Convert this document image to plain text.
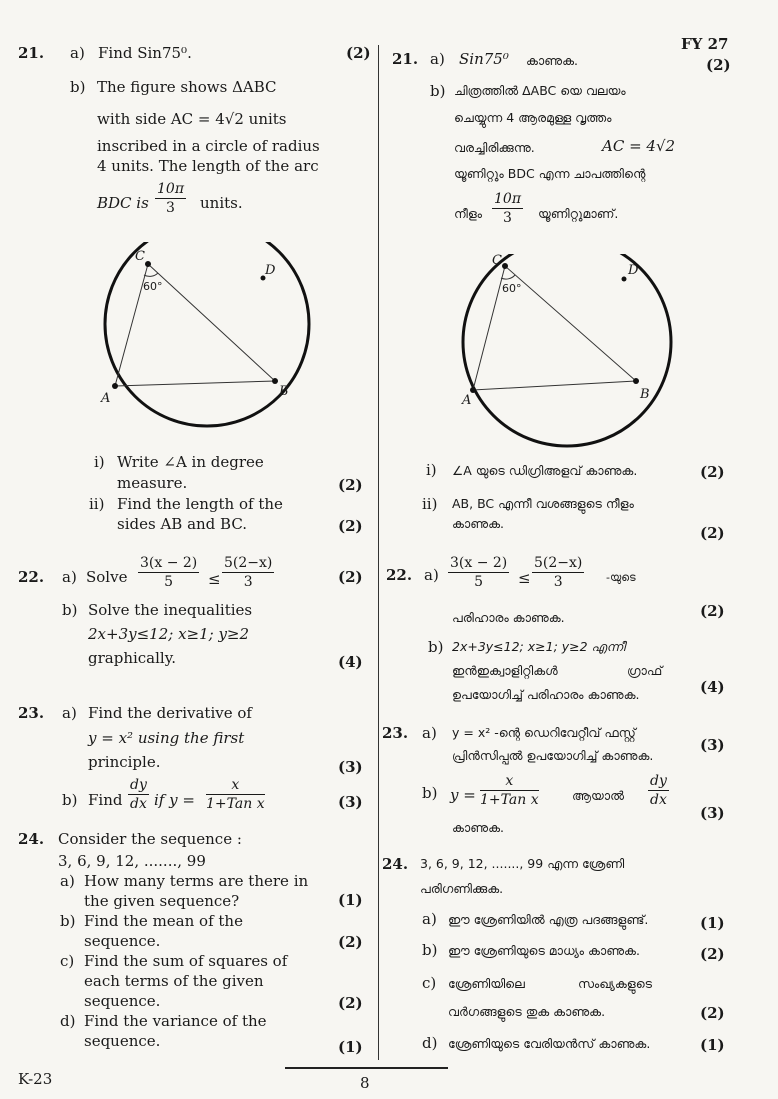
FY 27
21. a) Find Sin75⁰.	(2)
b) The figure shows ΔABC
with side AC = 4√2 units
inscribed in a circle of radius
4 units. The length of the arc
BDC is $\frac{10\pi}{3}$ units.
C
D
A	B
60°
i) Write ∠A in degree
measure.	(2)
ii) Find the length of the
sides AB and BC.	(2)
22. a) Solve $\frac{3(x - 2)}{5} \le \frac{5(2-x)}{3}$	(2)
b) Solve the inequalities
2x+3y≤12; x≥1; y≥2
graphically.	(4)
23. a) Find the derivative of
y = x² using the first
principle.	(3)
b) Find $\frac{dy}{dx}$ if y =
x
1+Tan x	(3)
24. Consider the sequence :
3, 6, 9, 12, ......., 99
a) How many terms are there in
the given sequence?	(1)
b) Find the mean of the
sequence.	(2)
c) Find the sum of squares of
each terms of the given
sequence.	(2)
d) Find the variance of the
sequence.	(1)
21. a) Sin75⁰ കാണുക.	(2)
b) ചിത്രത്തിൽ ΔABC യെ വലയം
ചെയ്യുന്ന 4 ആരമുള്ള വൃത്തം
വരച്ചിരിക്കുന്നു.	AC = 4√2
യൂണിറ്റും BDC എന്ന ചാപത്തിന്റെ
നീളം $\frac{10\pi}{3}$ യൂണിറ്റുമാണ്.
C
D
A	B
60°
i) ∠A യുടെ ഡിഗ്രിഅളവ് കാണുക.	(2)
ii) AB, BC എന്നീ വശങ്ങളുടെ നീളം
കാണുക.
(2)
22. $a) \frac{3(x - 2)}{5} \le \frac{5(2-x)}{3}$ -യുടെ
പരിഹാരം കാണുക.	(2)
b) 2x+3y≤12; x≥1; y≥2 എന്നീ
ഇൻഇക്വാളിറ്റികൾ	ഗ്രാഫ്
ഉപയോഗിച്ച് പരിഹാരം കാണുക.	(4)
23. a) y = x² -ന്റെ ഡെറിവേറ്റീവ് ഫസ്റ്റ്
പ്രിൻസിപ്പൽ ഉപയോഗിച്ച് കാണുക.
(3)
b) y =
x
1+Tan x	ആയാൽ $\frac{dy}{dx}$
കാണുക.
(3)
24. 3, 6, 9, 12, ......., 99 എന്ന ശ്രേണി
പരിഗണിക്കുക.
a) ഈ ശ്രേണിയിൽ എത്ര പദങ്ങളുണ്ട്.	(1)
b) ഈ ശ്രേണിയുടെ മാധ്യം കാണുക.	(2)
c) ശ്രേണിയിലെ	സംഖ്യകളുടെ
വർഗങ്ങളുടെ തുക കാണുക.	(2)
d) ശ്രേണിയുടെ വേരിയൻസ് കാണുക.	(1)
K-23	8
